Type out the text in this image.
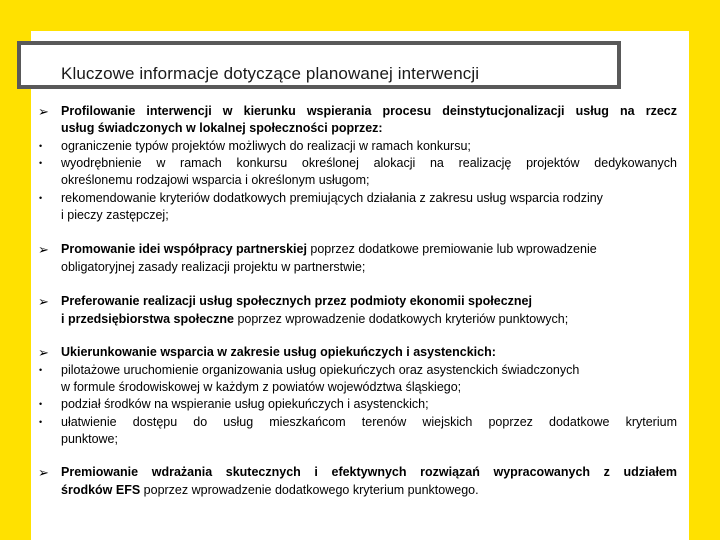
Kluczowe informacje dotyczące planowanej interwencji
➢ Profilowanie interwencji w kierunku wspierania procesu deinstytucjonalizacji usług na rzecz
usług świadczonych w lokalnej społeczności poprzez:
• ograniczenie typów projektów możliwych do realizacji w ramach konkursu;
• wyodrębnienie w ramach konkursu określonej alokacji na realizację projektów dedykowanych
określonemu rodzajowi wsparcia i określonym usługom;
• rekomendowanie kryteriów dodatkowych premiujących działania z zakresu usług wsparcia rodziny
i pieczy zastępczej;
➢ Promowanie idei współpracy partnerskiej poprzez dodatkowe premiowanie lub wprowadzenie
obligatoryjnej zasady realizacji projektu w partnerstwie;
➢ Preferowanie realizacji usług społecznych przez podmioty ekonomii społecznej
i przedsiębiorstwa społeczne poprzez wprowadzenie dodatkowych kryteriów punktowych;
➢ Ukierunkowanie wsparcia w zakresie usług opiekuńczych i asystenckich:
• pilotażowe uruchomienie organizowania usług opiekuńczych oraz asystenckich świadczonych
w formule środowiskowej w każdym z powiatów województwa śląskiego;
• podział środków na wspieranie usług opiekuńczych i asystenckich;
• ułatwienie dostępu do usług mieszkańcom terenów wiejskich poprzez dodatkowe kryterium
punktowe;
➢ Premiowanie wdrażania skutecznych i efektywnych rozwiązań wypracowanych z udziałem
środków EFS poprzez wprowadzenie dodatkowego kryterium punktowego.
